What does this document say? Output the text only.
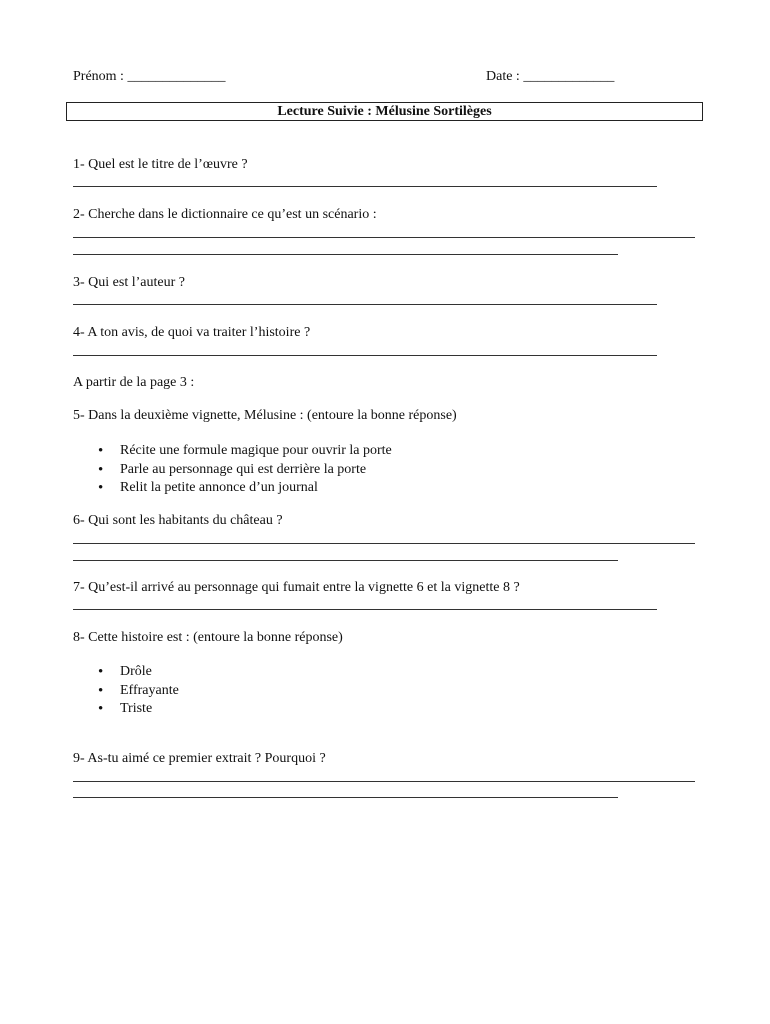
Prénom : ______________	Date : _____________
Lecture Suivie : Mélusine Sortilèges
1- Quel est le titre de l’œuvre ?
2- Cherche dans le dictionnaire ce qu’est un scénario :
3- Qui est l’auteur ?
4- A ton avis, de quoi va traiter l’histoire ?
A partir de la page 3 :
5- Dans la deuxième vignette, Mélusine : (entoure la bonne réponse)
• Récite une formule magique pour ouvrir la porte
• Parle au personnage qui est derrière la porte
• Relit la petite annonce d’un journal
6- Qui sont les habitants du château ?
7- Qu’est-il arrivé au personnage qui fumait entre la vignette 6 et la vignette 8 ?
8- Cette histoire est : (entoure la bonne réponse)
• Drôle
• Effrayante
• Triste
9- As-tu aimé ce premier extrait ? Pourquoi ?
